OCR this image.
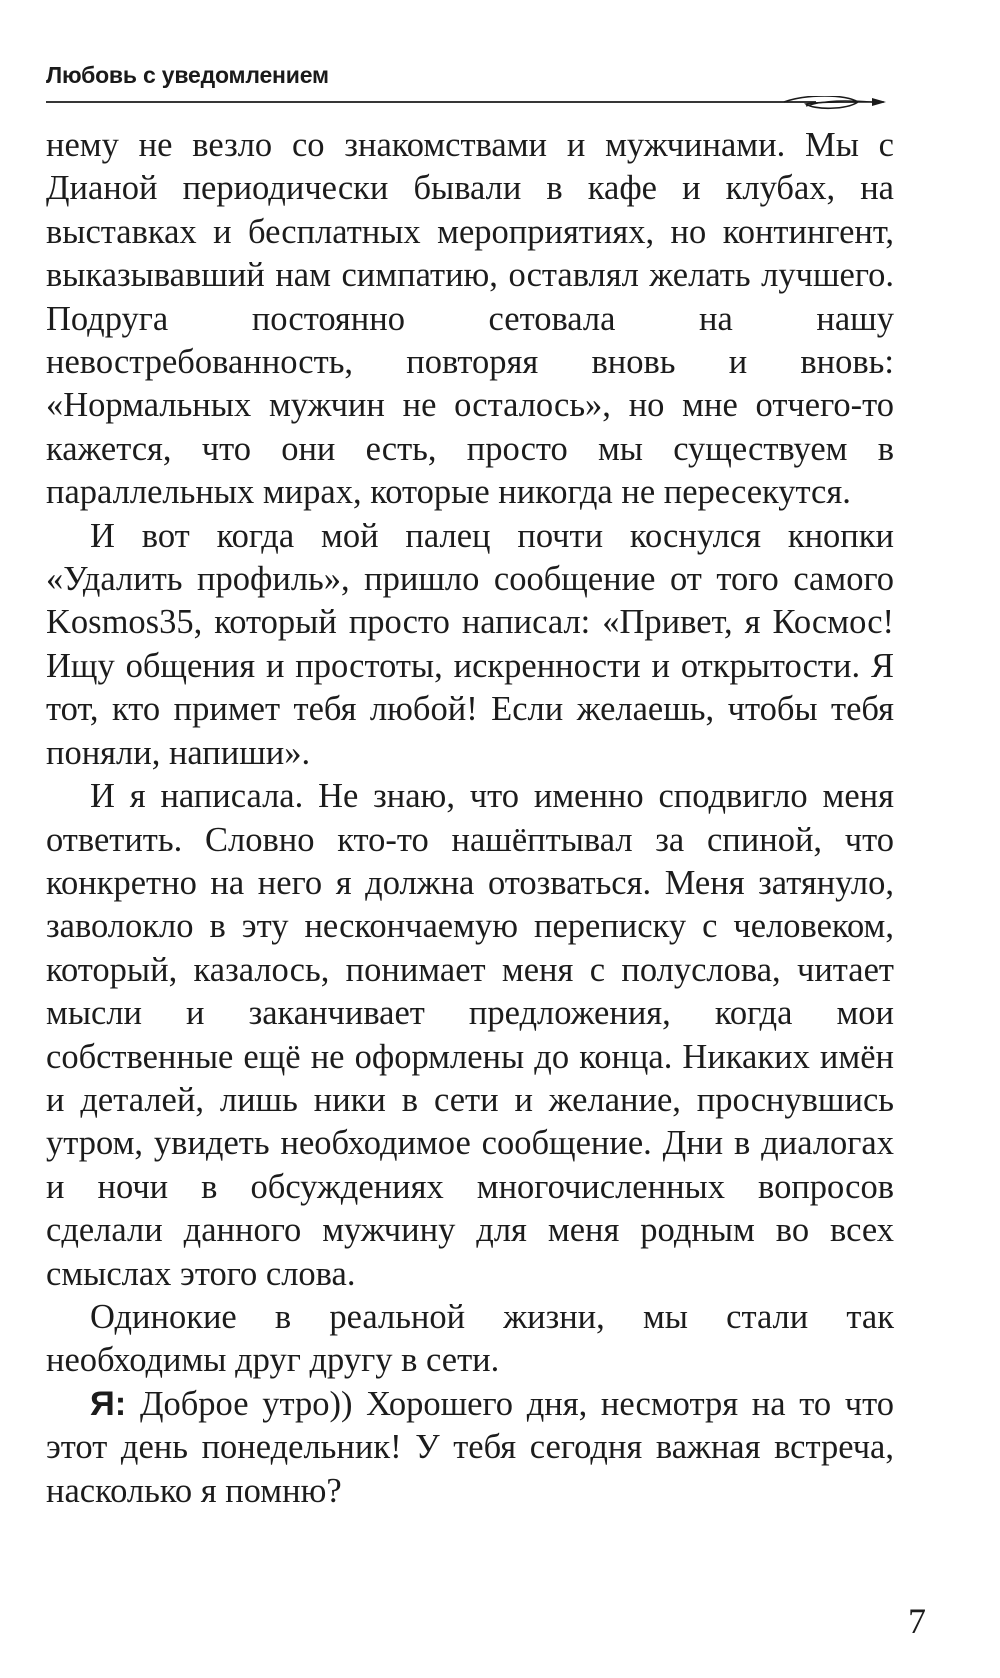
Любовь с уведомлением

нему не везло со знакомствами и мужчинами. Мы с Дианой периодически бывали в кафе и клубах, на выставках и бесплатных мероприятиях, но контингент, выказывавший нам симпатию, оставлял желать лучшего. Подруга постоянно сетовала на нашу невостребованность, повторяя вновь и вновь: «Нормальных мужчин не осталось», но мне отчего-то кажется, что они есть, просто мы существуем в параллельных мирах, которые никогда не пересекутся.

И вот когда мой палец почти коснулся кнопки «Удалить профиль», пришло сообщение от того самого Kosmos35, который просто написал: «Привет, я Космос! Ищу общения и простоты, искренности и открытости. Я тот, кто примет тебя любой! Если желаешь, чтобы тебя поняли, напиши».

И я написала. Не знаю, что именно сподвигло меня ответить. Словно кто-то нашёптывал за спиной, что конкретно на него я должна отозваться. Меня затянуло, заволокло в эту нескончаемую переписку с человеком, который, казалось, понимает меня с полуслова, читает мысли и заканчивает предложения, когда мои собственные ещё не оформлены до конца. Никаких имён и деталей, лишь ники в сети и желание, проснувшись утром, увидеть необходимое сообщение. Дни в диалогах и ночи в обсуждениях многочисленных вопросов сделали данного мужчину для меня родным во всех смыслах этого слова.

Одинокие в реальной жизни, мы стали так необходимы друг другу в сети.

Я: Доброе утро)) Хорошего дня, несмотря на то что этот день понедельник! У тебя сегодня важная встреча, насколько я помню?

7
